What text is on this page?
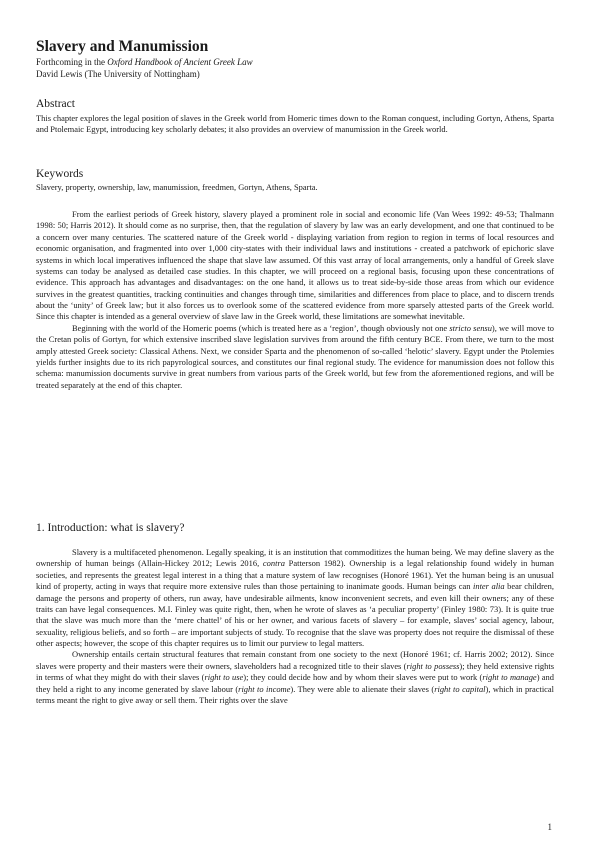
Slavery and Manumission
Forthcoming in the Oxford Handbook of Ancient Greek Law
David Lewis (The University of Nottingham)
Abstract

This chapter explores the legal position of slaves in the Greek world from Homeric times down to the Roman conquest, including Gortyn, Athens, Sparta and Ptolemaic Egypt, introducing key scholarly debates; it also provides an overview of manumission in the Greek world.

Keywords

Slavery, property, ownership, law, manumission, freedmen, Gortyn, Athens, Sparta.

From the earliest periods of Greek history, slavery played a prominent role in social and economic life (Van Wees 1992: 49-53; Thalmann 1998: 50; Harris 2012). It should come as no surprise, then, that the regulation of slavery by law was an early development, and one that continued to be a concern over many centuries. The scattered nature of the Greek world - displaying variation from region to region in terms of local resources and economic organisation, and fragmented into over 1,000 city-states with their individual laws and institutions - created a patchwork of epichoric slave systems in which local imperatives influenced the shape that slave law assumed. Of this vast array of local arrangements, only a handful of Greek slave systems can today be analysed as detailed case studies. In this chapter, we will proceed on a regional basis, focusing upon these concentrations of evidence. This approach has advantages and disadvantages: on the one hand, it allows us to treat side-by-side those areas from which our evidence survives in the greatest quantities, tracking continuities and changes through time, similarities and differences from place to place, and to discern trends about the ‘unity’ of Greek law; but it also forces us to overlook some of the scattered evidence from more sparsely attested parts of the Greek world. Since this chapter is intended as a general overview of slave law in the Greek world, these limitations are somewhat inevitable.

Beginning with the world of the Homeric poems (which is treated here as a ‘region’, though obviously not one stricto sensu), we will move to the Cretan polis of Gortyn, for which extensive inscribed slave legislation survives from around the fifth century BCE. From there, we turn to the most amply attested Greek society: Classical Athens. Next, we consider Sparta and the phenomenon of so-called ‘helotic’ slavery. Egypt under the Ptolemies yields further insights due to its rich papyrological sources, and constitutes our final regional study. The evidence for manumission does not follow this schema: manumission documents survive in great numbers from various parts of the Greek world, but few from the aforementioned regions, and will be treated separately at the end of this chapter.

1. Introduction: what is slavery?

Slavery is a multifaceted phenomenon. Legally speaking, it is an institution that commoditizes the human being. We may define slavery as the ownership of human beings (Allain-Hickey 2012; Lewis 2016, contra Patterson 1982). Ownership is a legal relationship found widely in human societies, and represents the greatest legal interest in a thing that a mature system of law recognises (Honoré 1961). Yet the human being is an unusual kind of property, acting in ways that require more extensive rules than those pertaining to inanimate goods. Human beings can inter alia bear children, damage the persons and property of others, run away, have undesirable ailments, know inconvenient secrets, and even kill their owners; any of these traits can have legal consequences. M.I. Finley was quite right, then, when he wrote of slaves as ‘a peculiar property’ (Finley 1980: 73). It is quite true that the slave was much more than the ‘mere chattel’ of his or her owner, and various facets of slavery – for example, slaves’ social agency, labour, sexuality, religious beliefs, and so forth – are important subjects of study. To recognise that the slave was property does not require the dismissal of these other aspects; however, the scope of this chapter requires us to limit our purview to legal matters.

Ownership entails certain structural features that remain constant from one society to the next (Honoré 1961; cf. Harris 2002; 2012). Since slaves were property and their masters were their owners, slaveholders had a recognized title to their slaves (right to possess); they held extensive rights in terms of what they might do with their slaves (right to use); they could decide how and by whom their slaves were put to work (right to manage) and they held a right to any income generated by slave labour (right to income). They were able to alienate their slaves (right to capital), which in practical terms meant the right to give away or sell them. Their rights over the slave

1
